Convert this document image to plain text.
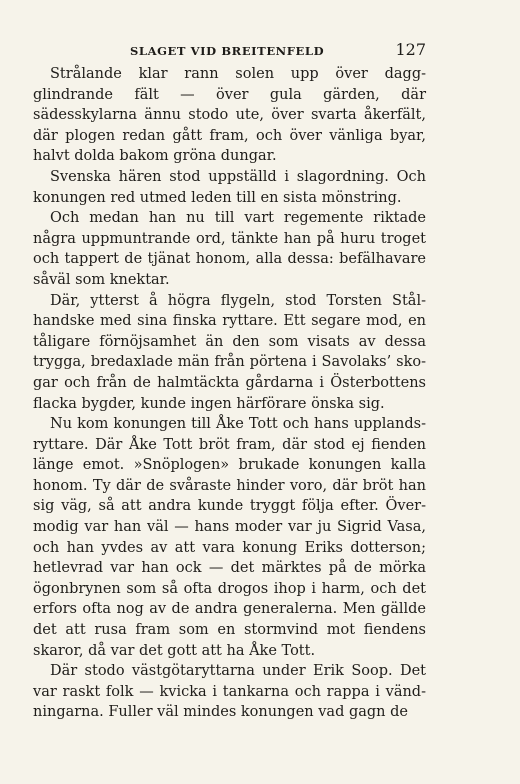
SLAGET VID BREITENFELD	127

Strålande klar rann solen upp över dagg-glindrande fält — över gula gärden, där sädesskylarna ännu stodo ute, över svarta åkerfält, där plogen redan gått fram, och över vänliga byar, halvt dolda bakom gröna dungar.

Svenska hären stod uppställd i slagordning. Och konungen red utmed leden till en sista mönstring.

Och medan han nu till vart regemente riktade några uppmuntrande ord, tänkte han på huru troget och tappert de tjänat honom, alla dessa: befälhavare såväl som knektar.

Där, ytterst å högra flygeln, stod Torsten Stålhandske med sina finska ryttare. Ett segare mod, en tåligare förnöjsamhet än den som visats av dessa trygga, bredaxlade män från pörtena i Savolaks’ skogar och från de halmtäckta gårdarna i Österbottens flacka bygder, kunde ingen härförare önska sig.

Nu kom konungen till Åke Tott och hans upplandsryttare. Där Åke Tott bröt fram, där stod ej fienden länge emot. »Snöplogen» brukade konungen kalla honom. Ty där de svåraste hinder voro, där bröt han sig väg, så att andra kunde tryggt följa efter. Övermodig var han väl — hans moder var ju Sigrid Vasa, och han yvdes av att vara konung Eriks dotterson; hetlevrad var han ock — det märktes på de mörka ögonbrynen som så ofta drogos ihop i harm, och det erfors ofta nog av de andra generalerna. Men gällde det att rusa fram som en stormvind mot fiendens skaror, då var det gott att ha Åke Tott.

Där stodo västgötaryttarna under Erik Soop. Det var raskt folk — kvicka i tankarna och rappa i vändningarna. Fuller väl mindes konungen vad gagn de
